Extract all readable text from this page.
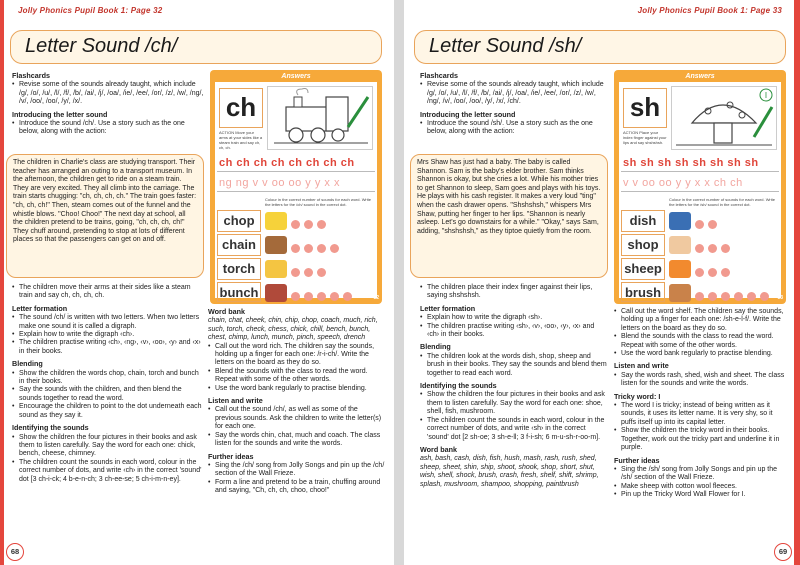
Jolly Phonics Pupil Book 1: Page 32
Letter Sound /ch/
Flashcards
• Revise some of the sounds already taught, which include /g/, /o/, /u/, /l/, /f/, /b/, /ai/, /j/, /oa/, /ie/, /ee/, /or/, /z/, /w/, /ng/, /v/, /oo/, /oo/, /y/, /x/.
Introducing the letter sound
• Introduce the sound /ch/. Use a story such as the one below, along with the action:
The children in Charlie's class are studying transport. Their teacher has arranged an outing to a transport museum. In the afternoon, the children get to ride on a steam train. They are very excited. They all climb into the carriage. The train starts chugging: "ch, ch, ch, ch." The train goes faster: "ch, ch, ch!" Then, steam comes out of the funnel and the whistle blows. "Choo! Choo!" The next day at school, all the children pretend to be trains, going, "ch, ch, ch, ch!" They chuff around, pretending to stop at lots of different places so that the passengers can get on and off.
• The children move their arms at their sides like a steam train and say ch, ch, ch, ch.
Letter formation
• The sound /ch/ is written with two letters. When two letters make one sound it is called a digraph.
• Explain how to write the digraph ‹ch›.
• The children practise writing ‹ch›, ‹ng›, ‹v›, ‹oo›, ‹y› and ‹x› in their books.
Blending
• Show the children the words chop, chain, torch and bunch in their books.
• Say the sounds with the children, and then blend the sounds together to read the word.
• Encourage the children to point to the dot underneath each sound as they say it.
Identifying the sounds
• Show the children the four pictures in their books and ask them to listen carefully. Say the word for each one: chick, bench, cheese, chimney.
• The children count the sounds in each word, colour in the correct number of dots, and write ‹ch› in the correct 'sound' dot [3 ch-i-ck; 4 b-e-n-ch; 3 ch-ee-se; 5 ch-i-m-n-ey].
Answers
ch
ACTION Move your arms at your sides like a steam train and say ch, ch, ch.
ch ch ch ch ch ch ch ch
ng ng v v oo oo y y x x
Colour in the correct number of sounds for each word. Write the letters for the /ch/ sound in the correct dot.
chop
chain
torch
bunch	32
Word bank

chain, chat, cheek, chin, chip, chop, coach, much, rich, such, torch, check, chess, chick, chill, bench, bunch, chest, chimp, lunch, munch, pinch, speech, drench

• Call out the word rich. The children say the sounds, holding up a finger for each one: /r-i-ch/. Write the letters on the board as they do so.
• Blend the sounds with the class to read the word. Repeat with some of the other words.
• Use the word bank regularly to practise blending.
Listen and write
• Call out the sound /ch/, as well as some of the previous sounds. Ask the children to write the letter(s) for each one.
• Say the words chin, chat, much and coach. The class listen for the sounds and write the words.
Further ideas
• Sing the /ch/ song from Jolly Songs and pin up the /ch/ section of the Wall Frieze.
• Form a line and pretend to be a train, chuffing around and saying, "Ch, ch, ch, choo, choo!"
68
Jolly Phonics Pupil Book 1: Page 33
Letter Sound /sh/
Flashcards
• Revise some of the sounds already taught, which include /g/, /o/, /u/, /l/, /f/, /b/, /ai/, /j/, /oa/, /ie/, /ee/, /or/, /z/, /w/, /ng/, /v/, /oo/, /oo/, /y/, /x/, /ch/.
Introducing the letter sound
• Introduce the sound /sh/. Use a story such as the one below, along with the action:
Mrs Shaw has just had a baby. The baby is called Shannon. Sam is the baby's elder brother. Sam thinks Shannon is okay, but she cries a lot. While his mother tries to get Shannon to sleep, Sam goes and plays with his toys. He plays with his cash register. It makes a very loud "ting" when the cash drawer opens. "Shshshsh," whispers Mrs Shaw, putting her finger to her lips. "Shannon is nearly asleep. Let's go downstairs for a while." "Okay," says Sam, adding, "shshshsh," as they tiptoe quietly from the room.
• The children place their index finger against their lips, saying shshshsh.
Letter formation
• Explain how to write the digraph ‹sh›.
• The children practise writing ‹sh›, ‹v›, ‹oo›, ‹y›, ‹x› and ‹ch› in their books.
Blending
• The children look at the words dish, shop, sheep and brush in their books. They say the sounds and blend them together to read each word.
Identifying the sounds
• Show the children the four pictures in their books and ask them to listen carefully. Say the word for each one: shoe, shell, fish, mushroom.
• The children count the sounds in each word, colour in the correct number of dots, and write ‹sh› in the correct 'sound' dot [2 sh-oe; 3 sh-e-ll; 3 f-i-sh; 6 m-u-sh-r-oo-m].
Word bank

ash, bash, cash, dish, fish, hush, mash, rash, rush, shed, sheep, sheet, shin, ship, shoot, shook, shop, short, shut, wish, shell, shock, brush, crash, fresh, shelf, shift, shrimp, splash, mushroom, shampoo, shopping, paintbrush

Answers
sh
ACTION Place your index finger against your lips and say shshshsh.
I
sh sh sh sh sh sh sh sh
v v oo oo y y x x ch ch
Colour in the correct number of sounds for each word. Write the letters for the /sh/ sound in the correct dot.
dish
shop
sheep
brush	33
• Call out the word shelf. The children say the sounds, holding up a finger for each one: /sh-e-l-f/. Write the letters on the board as they do so.
• Blend the sounds with the class to read the word. Repeat with some of the other words.
• Use the word bank regularly to practise blending.
Listen and write
• Say the words rash, shed, wish and sheet. The class listen for the sounds and write the words.
Tricky word: I
• The word I is tricky; instead of being written as it sounds, it uses its letter name. It is very shy, so it puffs itself up into its capital letter.
• Show the children the tricky word in their books. Together, work out the tricky part and underline it in purple.
Further ideas
• Sing the /sh/ song from Jolly Songs and pin up the /sh/ section of the Wall Frieze.
• Make sheep with cotton wool fleeces.
• Pin up the Tricky Word Wall Flower for I.
69
